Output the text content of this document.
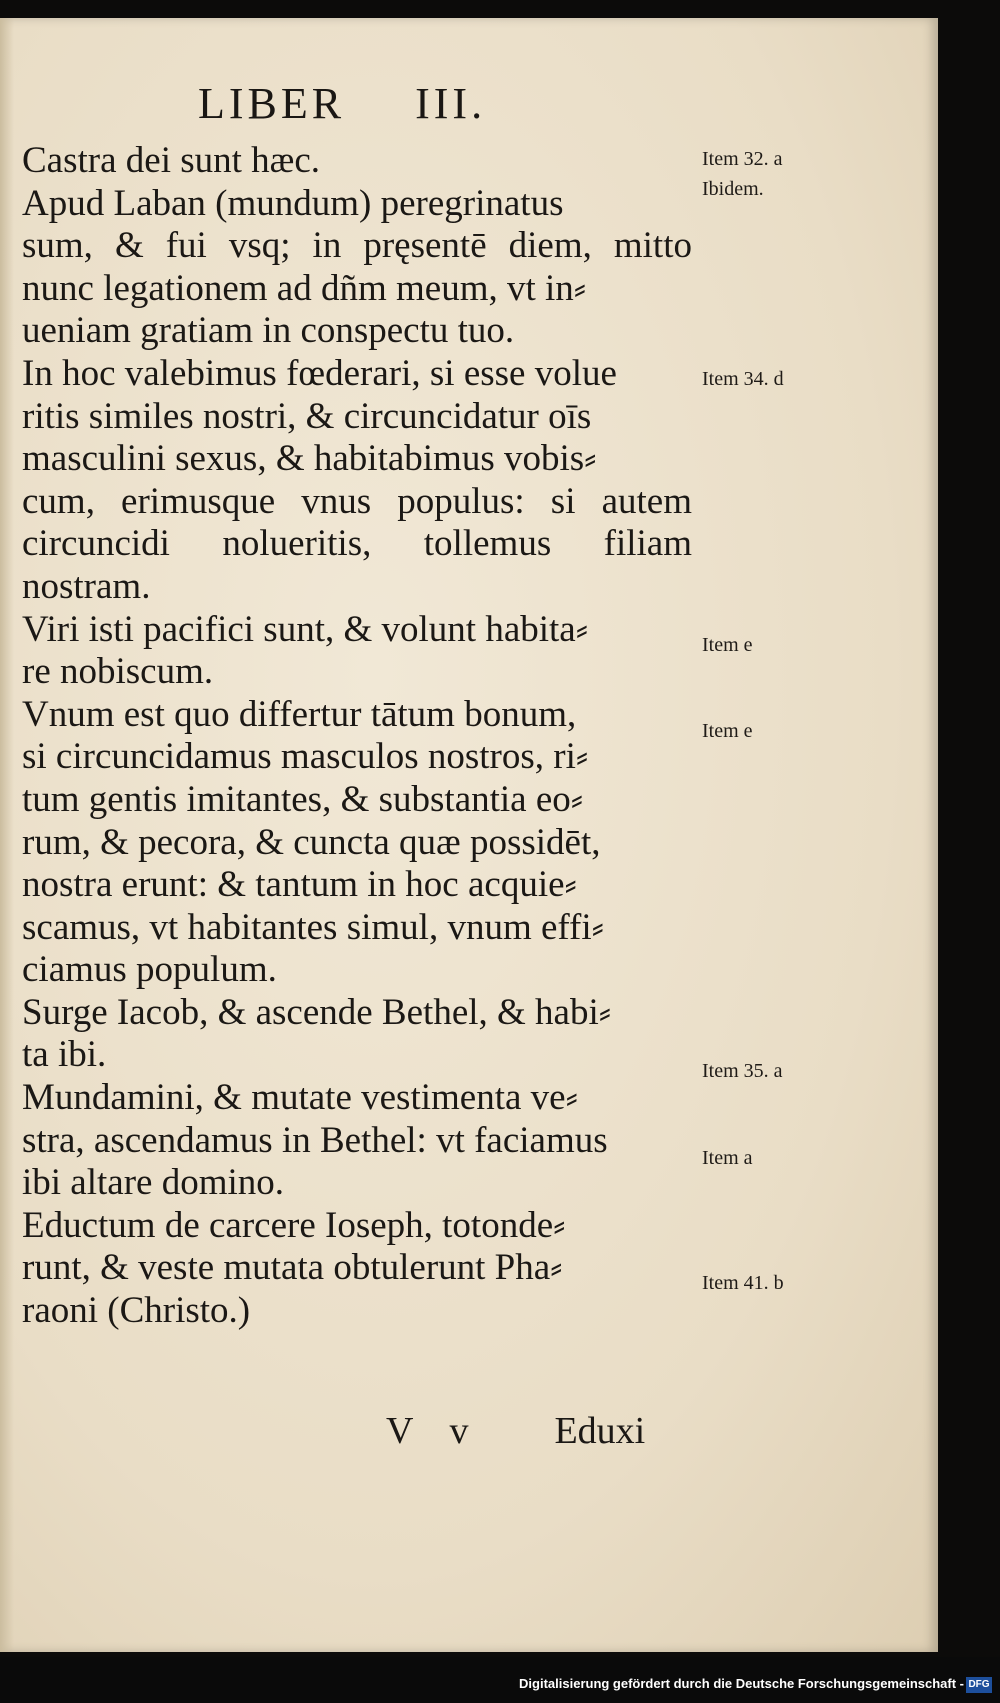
LIBER III.
Castra dei sunt hæc.
Apud Laban (mundum) peregrinatus
sum, & fui vsq; in pręsentē diem, mitto
nunc legationem ad dñm meum, vt in⸗
ueniam gratiam in conspectu tuo.
In hoc valebimus fœderari, si esse volue
ritis similes nostri, & circuncidatur oīs
masculini sexus, & habitabimus vobis⸗
cum, erimusque vnus populus: si autem
circuncidi nolueritis, tollemus filiam
nostram.
Viri isti pacifici sunt, & volunt habita⸗
re nobiscum.
Vnum est quo differtur tātum bonum,
si circuncidamus masculos nostros, ri⸗
tum gentis imitantes, & substantia eo⸗
rum, & pecora, & cuncta quæ possidēt,
nostra erunt: & tantum in hoc acquie⸗
scamus, vt habitantes simul, vnum effi⸗
ciamus populum.
Surge Iacob, & ascende Bethel, & habi⸗
ta ibi.
Mundamini, & mutate vestimenta ve⸗
stra, ascendamus in Bethel: vt faciamus
ibi altare domino.
Eductum de carcere Ioseph, totonde⸗
runt, & veste mutata obtulerunt Pha⸗
raoni (Christo.)
Item 32. a
Ibidem.
Item 34. d
Item e
Item e
Item 35. a
Item a
Item 41. b
V v Eduxi
Digitalisierung gefördert durch die Deutsche Forschungsgemeinschaft - DFG
